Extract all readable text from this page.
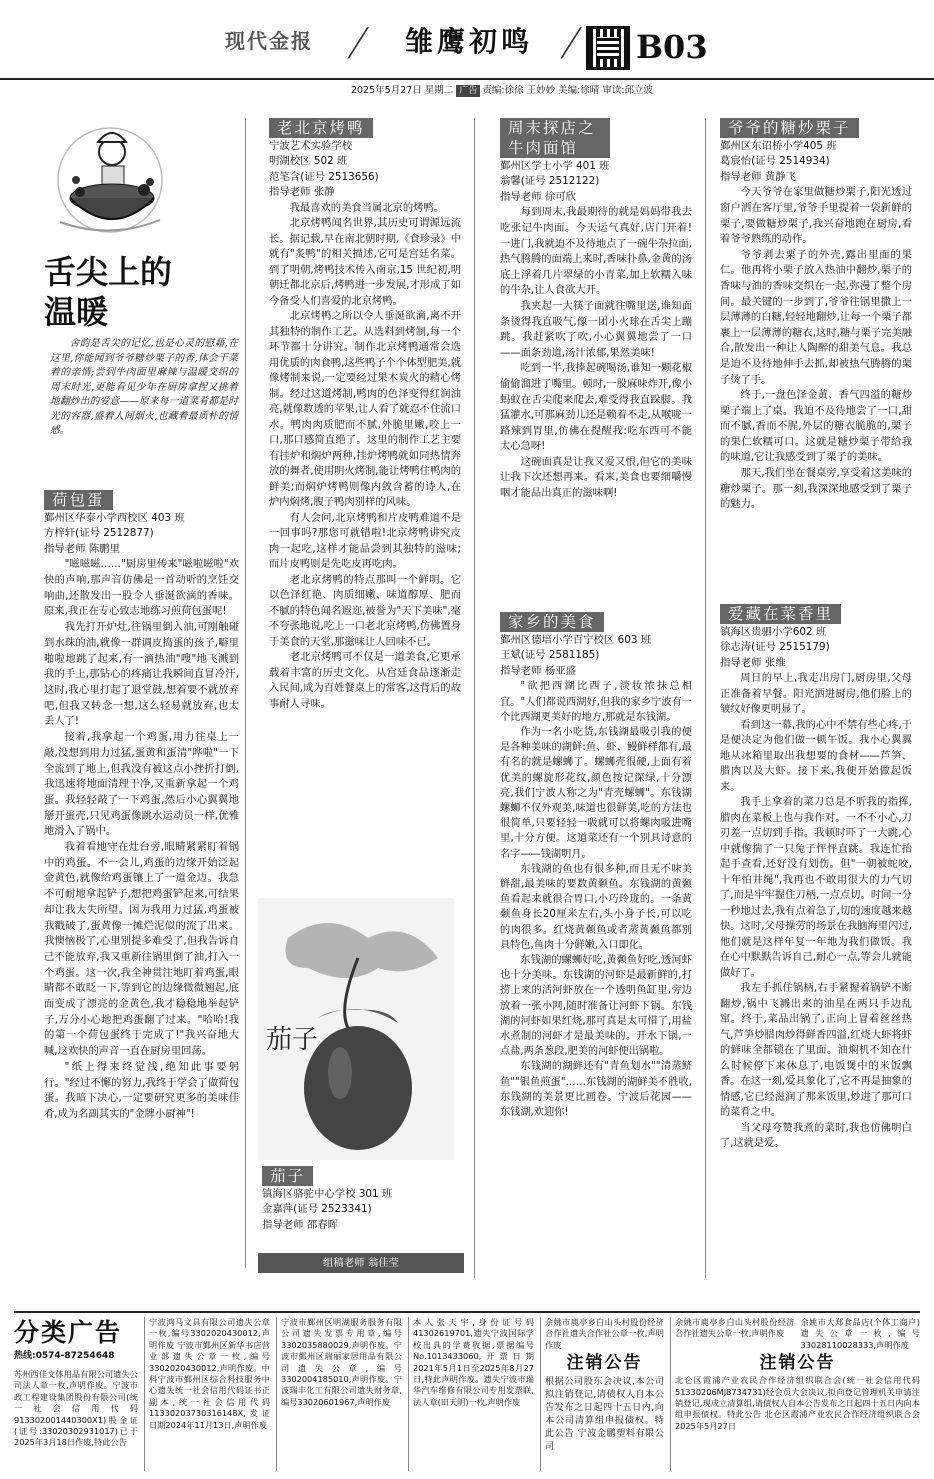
现代金报 / 雏鹰初鸣 / B03
2025年5月27日 星期二 广告 责编:徐徐 王妙妙 美编:徐晴 审读:邱立波
舌尖上的
温暖
舍韵是舌尖的记忆,也是心灵的慰藉,在这里,你能闻到爷爷糖炒栗子的香,体会干菜着的亲情;尝到牛肉面里麻辣与温暖交织的周末时光,更能看见少年在厨房拿捏又挑着地翻炒出的爱意——原来每一道菜肴都是时光的容器,盛着人间烟火,也藏着最质朴的情感。
荷包蛋
鄞州区华泰小学西校区 403 班
方梓轩(证号 2512877)
指导老师 陈鹏里

"嗞嗞嗞……"厨房里传来"嗞啦嗞啦"欢快的声响,那声音仿佛是一首动听的烹饪交响曲,还散发出一股令人垂涎欲滴的香味。原来,我正在专心致志地练习煎荷包蛋呢!

我先打开炉灶,往锅里倒入油,可刚触碰到水珠的油,就像一群调皮捣蛋的孩子,噼里啪啦地跳了起来,有一滴热油"嗖"地飞溅到我的手上,那钻心的疼痛让我瞬间直冒冷汗,这时,我心里打起了退堂鼓,想着要不就放弃吧,但我又转念一想,这么轻易就放弃,也太丢人了!

接着,我拿起一个鸡蛋,用力往桌上一敲,没想到用力过猛,蛋黄和蛋清"哗啦"一下全流到了地上,但我没有被这点小挫折打倒,我迅速将地面清理干净,又重新拿起一个鸡蛋。我轻轻敲了一下鸡蛋,然后小心翼翼地掰开蛋壳,只见鸡蛋像跳水运动员一样,优雅地滑入了锅中。

我着看地守在灶台旁,眼睛紧紧盯着锅中的鸡蛋。不一会儿,鸡蛋的边缘开始泛起金黄色,就像给鸡蛋镶上了一道金边。我急不可耐地拿起铲子,想把鸡蛋铲起来,可结果却让我大失所望。因为我用力过猛,鸡蛋被我戳破了,蛋黄像一摊烂泥似的流了出来。我懊恼极了,心里别提多难受了,但我告诉自己不能放弃,我又重新往锅里倒了油,打入一个鸡蛋。这一次,我全神贯注地盯着鸡蛋,眼睛都不敢眨一下,等到它的边缘微微翘起,底面变成了漂亮的金黄色,我才稳稳地举起铲子,万分小心地把鸡蛋翻了过来。"哈哈!我的第一个荷包蛋终于完成了!"我兴奋地大喊,这欢快的声音一直在厨房里回荡。

"纸上得来终觉浅,绝知此事要躬行。"经过不懈的努力,我终于学会了做荷包蛋。我暗下决心,一定要研究更多的美味佳肴,成为名副其实的"金牌小厨神"!

老北京烤鸭
宁波艺术实验学校
明湖校区 502 班
范笔含(证号 2513656)
指导老师 张静

我最喜欢的美食当属北京的烤鸭。

北京烤鸭闻名世界,其历史可谓源远流长。据记载,早在南北朝时期,《食珍录》中就有"炙鸭"的相关描述,它可是宫廷名菜。到了明朝,烤鸭技术传入南京,15 世纪初,明朝迁都北京后,烤鸭进一步发展,才形成了如今备受人们喜爱的北京烤鸭。

北京烤鸭之所以令人垂涎欲滴,离不开其独特的制作工艺。从选料到烤制,每一个环节都十分讲究。制作北京烤鸭通常会选用优质的肉食鸭,这些鸭子个个体型肥美,就像烤制来说,一定要经过果木炭火的精心烤制。经过这道烤制,鸭肉的色泽变得红润油亮,就像数透的苹果,让人看了就忍不住流口水。鸭肉肉质肥而不腻,外脆里嫩,咬上一口,那口感简直绝了。这里的制作工艺主要有挂炉和焖炉两种,挂炉烤鸭就如同热情奔放的舞者,使用明火烤制,能让烤鸭住鸭肉的鲜美;而焖炉烤鸭则像内敛含蓄的诗人,在炉内焖烤,腹子鸭肉别样的风味。

有人会问,北京烤鸭和片皮鸭难道不是一回事吗?那您可就错啦!北京烤鸭讲究皮肉一起吃,这样才能品尝到其独特的滋味;而片皮鸭则是先吃皮再吃肉。

老北京烤鸭的特点那叫一个鲜明。它以色泽红艳、肉质细嫩、味道醇厚、肥而不腻的特色闻名遐迩,被誉为"天下美味",毫不夸张地说,吃上一口老北京烤鸭,仿佛置身于美食的天堂,那滋味让人回味不已。

老北京烤鸭可不仅是一道美食,它更承载着丰富的历史文化。从宫廷食品逐渐走入民间,成为百姓餐桌上的常客,这背后的故事耐人寻味。

茄子
茄子
镇海区骆驼中心学校 301 班
金嘉萍(证号 2523341)
指导老师 邵春晖
组稿老师 翁佳莹
周末探店之牛肉面馆
鄞州区学士小学 401 班
翁馨(证号 2512122)
指导老师 徐可欣

每到周末,我最期待的就是妈妈带我去吃张记牛肉面。今天运气真好,店门开着!一进门,我就迫不及待地点了一碗牛杂拉面,热气腾腾的面端上来时,香味扑鼻,金黄的汤底上浮着几片翠绿的小青菜,加上软糯入味的牛杂,让人食欲大开。

我夹起一大筷子面就往嘴里送,谁知面条烫得我直吸气,像一团小火球在舌尖上蹦跳。我赶紧吹了吹,小心翼翼地尝了一口——面条劲道,汤汁浓郁,果然美味!

吃到一半,我捧起碗喝汤,谁知一颗花椒偷偷溜进了嘴里。顿时,一股麻味炸开,像小蚂蚁在舌尖爬来爬去,难受得我直跺脚。我猛灌水,可那麻劲儿还是赖着不走,从喉咙一路辣到胃里,仿佛在提醒我:吃东西可不能太心急呀!

这碗面真是让我又爱又恨,但它的美味让我下次还想再来。看来,美食也要细嚼慢咽才能品出真正的滋味啊!

家乡的美食
鄞州区德培小学百宁校区 603 班
王斌(证号 2581185)
指导老师 杨亚盛

"欲把西湖比西子,淡妆浓抹总相宜。"人们都说西湖好,但我的家乡宁波有一个比西湖更美好的地方,那就是东钱湖。

作为一名小吃货,东钱湖最吸引我的便是各种美味的湖鲜:鱼、虾、鳗鲜样都有,最有名的就是螺蛳了。螺蛳壳很硬,上面有着优美的螺旋形花纹,颜色按记深绿,十分漂亮,我们宁波人称之为"青壳螺蛳"。东钱湖螺蛳不仅外观美,味道也很鲜美,吃的方法也很简单,只要轻轻一吸就可以将螺肉吸进嘴里,十分方便。这道菜还有一个别具诗意的名字——钱湖明月。

东钱湖的鱼也有很多种,而且无不味美鲜甜,最美味的要数黄颡鱼。东钱湖的黄颡鱼看起来就很合胃口,小巧玲珑的。一条黄颡鱼身长20厘米左右,头小身子长,可以吃的肉很多。红烧黄颡鱼或者蒸黄颡鱼都别具特色,鱼肉十分鲜嫩,入口即化。

东钱湖的螺蛳好吃,黄颡鱼好吃,透河虾也十分美味。东钱湖的河虾是最新鲜的,打捞上来的活河虾放在一个透明鱼缸里,旁边放着一张小网,随时准备让河虾下锅。东钱湖的河虾如果红烧,那可真是太可惜了,用盐水煮制的河虾才是最美味的。开水下锅,一点盐,两条葱段,肥美的河虾便出锅啦。

东钱湖的湖鲜还有"青鱼划水""清蒸鲚鱼""银鱼煎蛋"……东钱湖的湖鲜美不胜收,东钱湖的美景更比画卷。宁波后花园——东钱湖,欢迎你!

爷爷的糖炒栗子
鄞州区东诏桥小学405 班
葛宸怡(证号 2514934)
指导老师 黄静飞

今天爷爷在家里做糖炒栗子,阳光透过窗户洒在客厅里,爷爷手里提着一袋新鲜的栗子,要做糖炒栗子,我兴奋地跑在厨房,看着爷爷熟练的动作。

爷爷剥去栗子的外壳,露出里面的果仁。他再将小栗子放入热油中翻炒,栗子的香味与油的香味交织在一起,弥漫了整个房间。最关键的一步到了,爷爷往锅里撒上一层薄薄的白糖,轻轻地翻炒,让每一个栗子都裹上一层薄薄的糖衣,这时,糖与栗子完美融合,散发出一种让人陶醉的甜美气息。我总是迫不及待地伸手去抓,却被热气腾腾的栗子烫了手。

终于,一盘色泽金黄、香气四溢的糖炒栗子端上了桌。我迫不及待地尝了一口,甜而不腻,香而不腥,外层的糖衣脆脆的,栗子的果仁软糯可口。这就是糖炒栗子带给我的味道,它让我感受到了栗子的美味。

那天,我们坐在餐桌旁,享受着这美味的糖炒栗子。那一刻,我深深地感受到了栗子的魅力。

爱藏在菜香里
镇海区贵驷小学602 班
徐志涛(证号 2515179)
指导老师 张维

周日的早上,我走出房门,厨房里,父母正准备着早餐。阳光洒进厨房,他们脸上的皱纹好像更明显了。

看到这一幕,我的心中不禁有些心疼,于是便决定为他们做一顿午饭。我小心翼翼地从冰箱里取出我想要的食材——芦笋、腊肉以及大虾。接下来,我便开始做起饭来。

我手上拿着的菜刀总是不听我的指挥,腊肉在菜板上也与我作对。一不不小心,刀刃差一点切到手指。我顿时吓了一大跳,心中就像揣了一只兔子怦怦直跳。我连忙抬起手查看,还好没有划伤。但"一朝被蛇咬,十年怕井绳",我再也不敢用很大的力气切了,而是牢牢握住刀柄,一点点切。时间一分一秒地过去,我有点着急了,切的速度越来越快。这时,父母操劳的场景在我脑海里闪过,他们就是这样年复一年地为我们做饭。我在心中默默告诉自己,耐心一点,等会儿就能做好了。

我左手抓住锅柄,右手紧握着锅铲不断翻炒,锅中飞溅出来的油星在两只手边乱窜。终于,菜品出锅了,正向上冒着丝丝热气,芦笋炒腊肉炒得鲜香四溢,红烧大虾将虾的鲜味全都锁在了里面。油焖机不知在什么时候停下来休息了,电饭煲中的米饭飘香。在这一刻,爱具象化了,它不再是抽象的情感,它已经滋润了那米饭里,炒进了那可口的菜肴之中。

当父母夸赞我煮的菜时,我也仿佛明白了,这就是爱。

分类广告
热线:0574-87254648
苏州西佳文体用品有限公司遗失公司法人章一枚,声明作废。宁波市政工程建设集团股份有限公司(统一社会信用代码 913302001440300X1)股金证(证号:33020302931017)已于2025年3月18日作废,特此公告
宁波鸿马文具有限公司遗失公章一枚,编号3302020430012,声明作废 宁波市鄞州区新华书店营业部遗失公章一枚,编号3302020430012,声明作废。中科宁波市鄞州区综合科技服务中心遗失统一社会信用代码证书正副本,统一社会信用代码11330203730316148X,发证日期2024年11月13日,声明作废
宁波市鄞州区明湖服务服务有限公司遗失发票专用章,编号3302035880029,声明作废。宁波市鄞州区瑞丽家居用品有限公司遗失公章,编号3302004185010,声明作废。宁波瑞丰化工有限公司遗失财务章,编号33020601967,声明作废
本人张天宇,身份证号码41302619701,遗失宁波国际学校出具的学费收据,票据编号No.1013433060,开票日期2021年5月1日至2025年8月27日,特此声明作废。遗失宁波市瑞华汽车维修有限公司专用发票联,法人章(田天明)一枚,声明作废
余姚市鹿亭乡白山头村股份经济合作社遗失合作社公章一枚,声明作废
注销公告
根据公司股东会决议,本公司拟注销登记,请债权人自本公告发布之日起四十五日内,向本公司清算组申报债权。特此公告 宁波金鹏塑料有限公司
余姚市鹿亭乡白山头村股份经济合作社遗失公章一枚,声明作废
余姚市大郑食品店(个体工商户)遗失公章一枚,编号33028110028333,声明作废
注销公告
北仑区霞浦产业农民合作经济组织联合会(统一社会信用代码51330206MJ8734731)经会员大会决议,拟向登记管理机关申请注销登记,现成立清算组,请债权人自本公告发布之日起四十五日内向本组申报债权。特此公告 北仑区霞浦产业农民合作经济组织联合会 2025年5月27日
